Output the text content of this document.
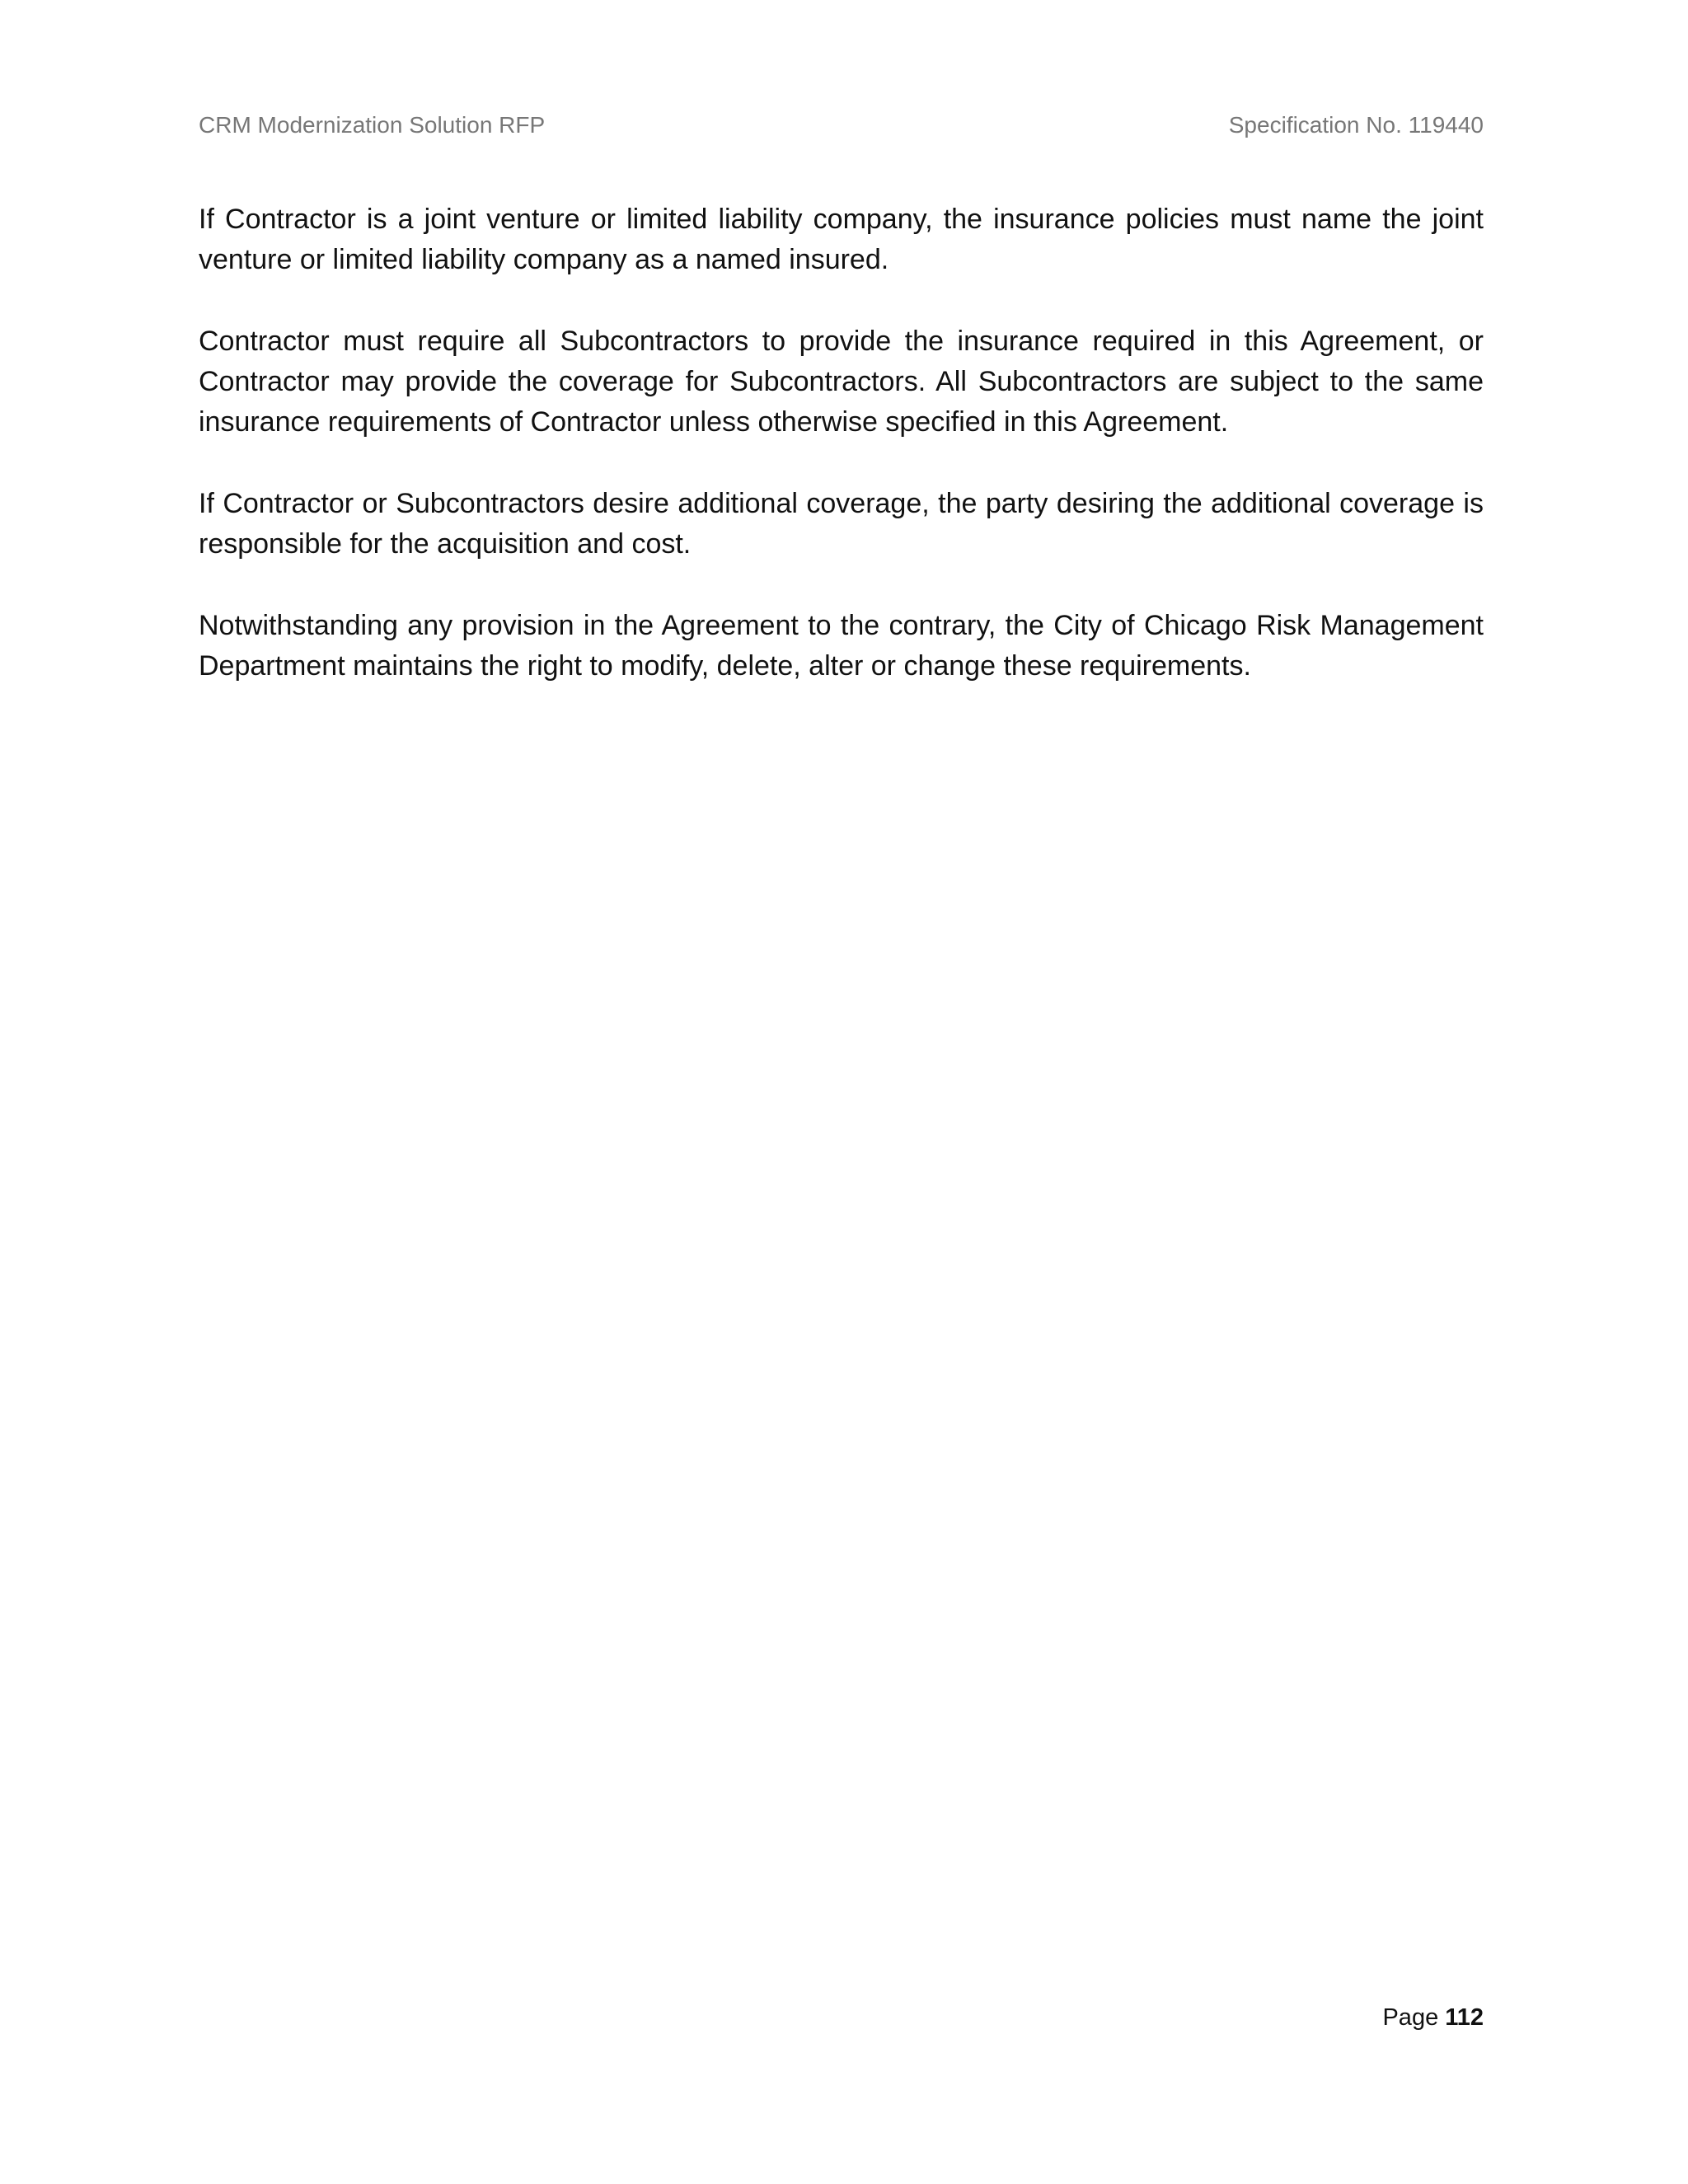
CRM Modernization Solution RFP	Specification No. 119440

If Contractor is a joint venture or limited liability company, the insurance policies must name the joint venture or limited liability company as a named insured.

Contractor must require all Subcontractors to provide the insurance required in this Agreement, or Contractor may provide the coverage for Subcontractors. All Subcontractors are subject to the same insurance requirements of Contractor unless otherwise specified in this Agreement.

If Contractor or Subcontractors desire additional coverage, the party desiring the additional coverage is responsible for the acquisition and cost.

Notwithstanding any provision in the Agreement to the contrary, the City of Chicago Risk Management Department maintains the right to modify, delete, alter or change these requirements.

Page 112
